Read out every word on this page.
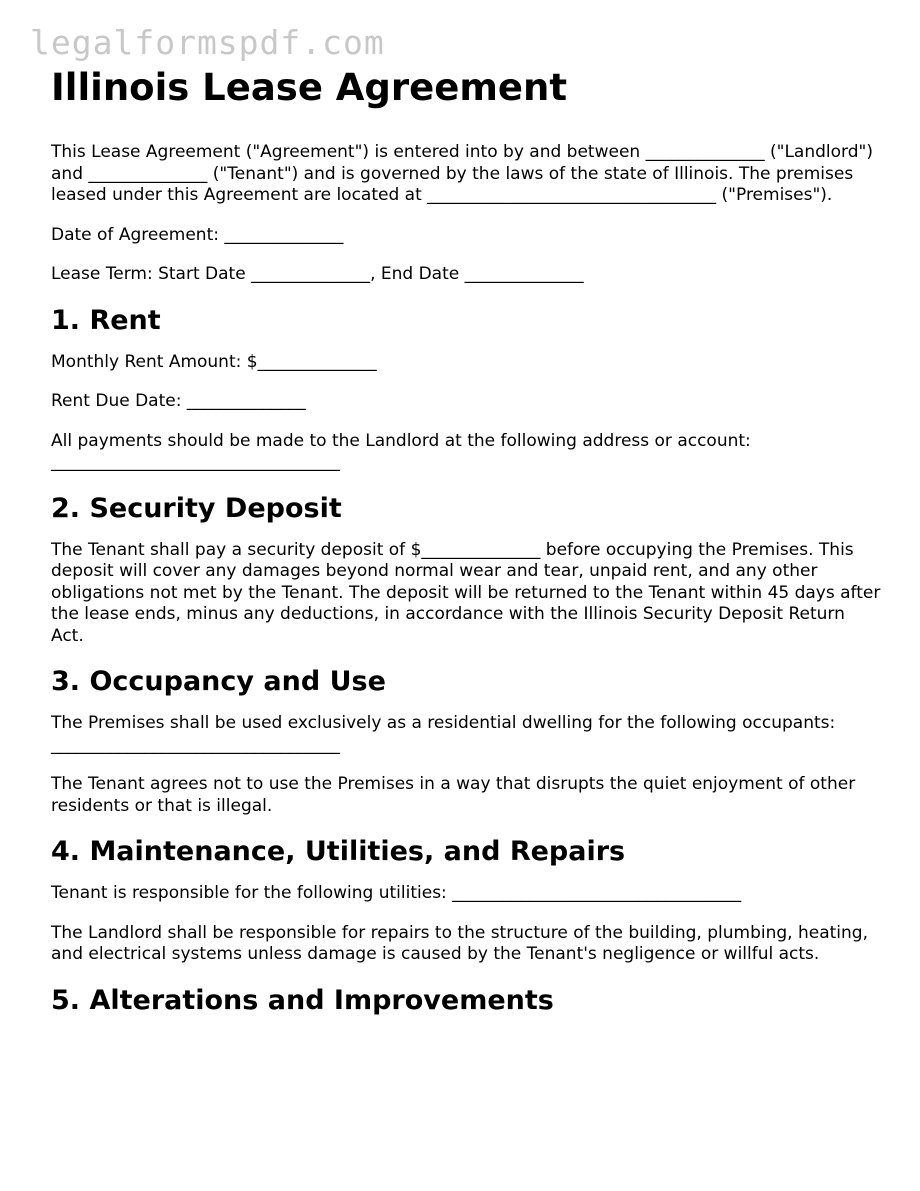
legalformspdf.com
Illinois Lease Agreement

This Lease Agreement ("Agreement") is entered into by and between ______________ ("Landlord") and ______________ ("Tenant") and is governed by the laws of the state of Illinois. The premises leased under this Agreement are located at __________________________________ ("Premises").

Date of Agreement: ______________

Lease Term: Start Date ______________, End Date ______________

1. Rent

Monthly Rent Amount: $______________

Rent Due Date: ______________

All payments should be made to the Landlord at the following address or account: __________________________________

2. Security Deposit

The Tenant shall pay a security deposit of $______________ before occupying the Premises. This deposit will cover any damages beyond normal wear and tear, unpaid rent, and any other obligations not met by the Tenant. The deposit will be returned to the Tenant within 45 days after the lease ends, minus any deductions, in accordance with the Illinois Security Deposit Return Act.

3. Occupancy and Use

The Premises shall be used exclusively as a residential dwelling for the following occupants: __________________________________

The Tenant agrees not to use the Premises in a way that disrupts the quiet enjoyment of other residents or that is illegal.

4. Maintenance, Utilities, and Repairs

Tenant is responsible for the following utilities: __________________________________

The Landlord shall be responsible for repairs to the structure of the building, plumbing, heating, and electrical systems unless damage is caused by the Tenant's negligence or willful acts.

5. Alterations and Improvements
